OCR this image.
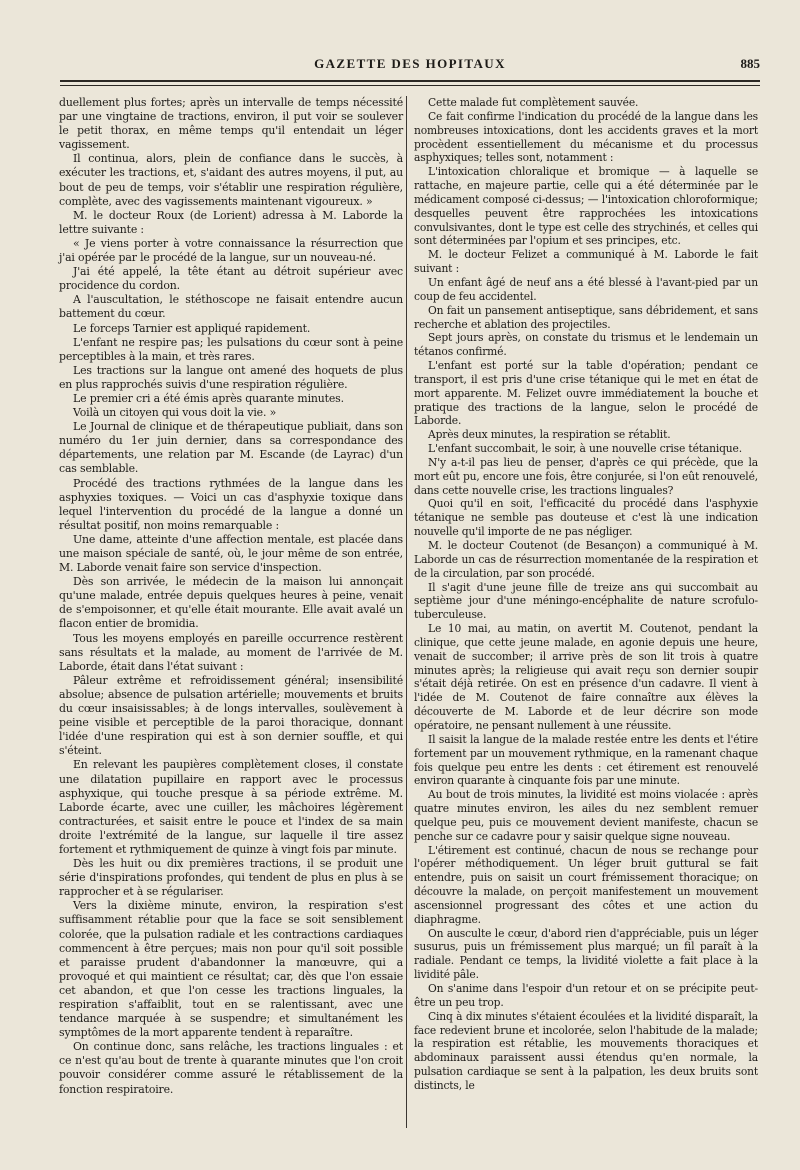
GAZETTE DES HOPITAUX	885

duellement plus fortes; après un intervalle de temps nécessité par une vingtaine de tractions, environ, il put voir se soulever le petit thorax, en même temps qu'il entendait un léger vagissement.

Il continua, alors, plein de confiance dans le succès, à exécuter les tractions, et, s'aidant des autres moyens, il put, au bout de peu de temps, voir s'établir une respiration régulière, complète, avec des vagissements maintenant vigoureux. »

M. le docteur Roux (de Lorient) adressa à M. Laborde la lettre suivante :

« Je viens porter à votre connaissance la résurrection que j'ai opérée par le procédé de la langue, sur un nouveau-né.

J'ai été appelé, la tête étant au détroit supérieur avec procidence du cordon.

A l'auscultation, le stéthoscope ne faisait entendre aucun battement du cœur.

Le forceps Tarnier est appliqué rapidement.

L'enfant ne respire pas; les pulsations du cœur sont à peine perceptibles à la main, et très rares.

Les tractions sur la langue ont amené des hoquets de plus en plus rapprochés suivis d'une respiration régulière.

Le premier cri a été émis après quarante minutes.

Voilà un citoyen qui vous doit la vie. »

Le Journal de clinique et de thérapeutique publiait, dans son numéro du 1er juin dernier, dans sa correspondance des départements, une relation par M. Escande (de Layrac) d'un cas semblable.

Procédé des tractions rythmées de la langue dans les asphyxies toxiques. — Voici un cas d'asphyxie toxique dans lequel l'intervention du procédé de la langue a donné un résultat positif, non moins remarquable :

Une dame, atteinte d'une affection mentale, est placée dans une maison spéciale de santé, où, le jour même de son entrée, M. Laborde venait faire son service d'inspection.

Dès son arrivée, le médecin de la maison lui annonçait qu'une malade, entrée depuis quelques heures à peine, venait de s'empoisonner, et qu'elle était mourante. Elle avait avalé un flacon entier de bromidia.

Tous les moyens employés en pareille occurrence restèrent sans résultats et la malade, au moment de l'arrivée de M. Laborde, était dans l'état suivant :

Pâleur extrême et refroidissement général; insensibilité absolue; absence de pulsation artérielle; mouvements et bruits du cœur insaisissables; à de longs intervalles, soulèvement à peine visible et perceptible de la paroi thoracique, donnant l'idée d'une respiration qui est à son dernier souffle, et qui s'éteint.

En relevant les paupières complètement closes, il constate une dilatation pupillaire en rapport avec le processus asphyxique, qui touche presque à sa période extrême. M. Laborde écarte, avec une cuiller, les mâchoires légèrement contracturées, et saisit entre le pouce et l'index de sa main droite l'extrémité de la langue, sur laquelle il tire assez fortement et rythmiquement de quinze à vingt fois par minute.

Dès les huit ou dix premières tractions, il se produit une série d'inspirations profondes, qui tendent de plus en plus à se rapprocher et à se régulariser.

Vers la dixième minute, environ, la respiration s'est suffisamment rétablie pour que la face se soit sensiblement colorée, que la pulsation radiale et les contractions cardiaques commencent à être perçues; mais non pour qu'il soit possible et paraisse prudent d'abandonner la manœuvre, qui a provoqué et qui maintient ce résultat; car, dès que l'on essaie cet abandon, et que l'on cesse les tractions linguales, la respiration s'affaiblit, tout en se ralentissant, avec une tendance marquée à se suspendre; et simultanément les symptômes de la mort apparente tendent à reparaître.

On continue donc, sans relâche, les tractions linguales : et ce n'est qu'au bout de trente à quarante minutes que l'on croit pouvoir considérer comme assuré le rétablissement de la fonction respiratoire.

Cette malade fut complètement sauvée.

Ce fait confirme l'indication du procédé de la langue dans les nombreuses intoxications, dont les accidents graves et la mort procèdent essentiellement du mécanisme et du processus asphyxiques; telles sont, notamment :

L'intoxication chloralique et bromique — à laquelle se rattache, en majeure partie, celle qui a été déterminée par le médicament composé ci-dessus; — l'intoxication chloroformique; desquelles peuvent être rapprochées les intoxications convulsivantes, dont le type est celle des strychinés, et celles qui sont déterminées par l'opium et ses principes, etc.

M. le docteur Felizet a communiqué à M. Laborde le fait suivant :

Un enfant âgé de neuf ans a été blessé à l'avant-pied par un coup de feu accidentel.

On fait un pansement antiseptique, sans débridement, et sans recherche et ablation des projectiles.

Sept jours après, on constate du trismus et le lendemain un tétanos confirmé.

L'enfant est porté sur la table d'opération; pendant ce transport, il est pris d'une crise tétanique qui le met en état de mort apparente. M. Felizet ouvre immédiatement la bouche et pratique des tractions de la langue, selon le procédé de Laborde.

Après deux minutes, la respiration se rétablit.

L'enfant succombait, le soir, à une nouvelle crise tétanique.

N'y a-t-il pas lieu de penser, d'après ce qui précède, que la mort eût pu, encore une fois, être conjurée, si l'on eût renouvelé, dans cette nouvelle crise, les tractions linguales?

Quoi qu'il en soit, l'efficacité du procédé dans l'asphyxie tétanique ne semble pas douteuse et c'est là une indication nouvelle qu'il importe de ne pas négliger.

M. le docteur Coutenot (de Besançon) a communiqué à M. Laborde un cas de résurrection momentanée de la respiration et de la circulation, par son procédé.

Il s'agit d'une jeune fille de treize ans qui succombait au septième jour d'une méningo-encéphalite de nature scrofulo-tuberculeuse.

Le 10 mai, au matin, on avertit M. Coutenot, pendant la clinique, que cette jeune malade, en agonie depuis une heure, venait de succomber; il arrive près de son lit trois à quatre minutes après; la religieuse qui avait reçu son dernier soupir s'était déjà retirée. On est en présence d'un cadavre. Il vient à l'idée de M. Coutenot de faire connaître aux élèves la découverte de M. Laborde et de leur décrire son mode opératoire, ne pensant nullement à une réussite.

Il saisit la langue de la malade restée entre les dents et l'étire fortement par un mouvement rythmique, en la ramenant chaque fois quelque peu entre les dents : cet étirement est renouvelé environ quarante à cinquante fois par une minute.

Au bout de trois minutes, la lividité est moins violacée : après quatre minutes environ, les ailes du nez semblent remuer quelque peu, puis ce mouvement devient manifeste, chacun se penche sur ce cadavre pour y saisir quelque signe nouveau.

L'étirement est continué, chacun de nous se rechange pour l'opérer méthodiquement. Un léger bruit guttural se fait entendre, puis on saisit un court frémissement thoracique; on découvre la malade, on perçoit manifestement un mouvement ascensionnel progressant des côtes et une action du diaphragme.

On ausculte le cœur, d'abord rien d'appréciable, puis un léger susurus, puis un frémissement plus marqué; un fil paraît à la radiale. Pendant ce temps, la lividité violette a fait place à la lividité pâle.

On s'anime dans l'espoir d'un retour et on se précipite peut-être un peu trop.

Cinq à dix minutes s'étaient écoulées et la lividité disparaît, la face redevient brune et incolorée, selon l'habitude de la malade; la respiration est rétablie, les mouvements thoraciques et abdominaux paraissent aussi étendus qu'en normale, la pulsation cardiaque se sent à la palpation, les deux bruits sont distincts, le
